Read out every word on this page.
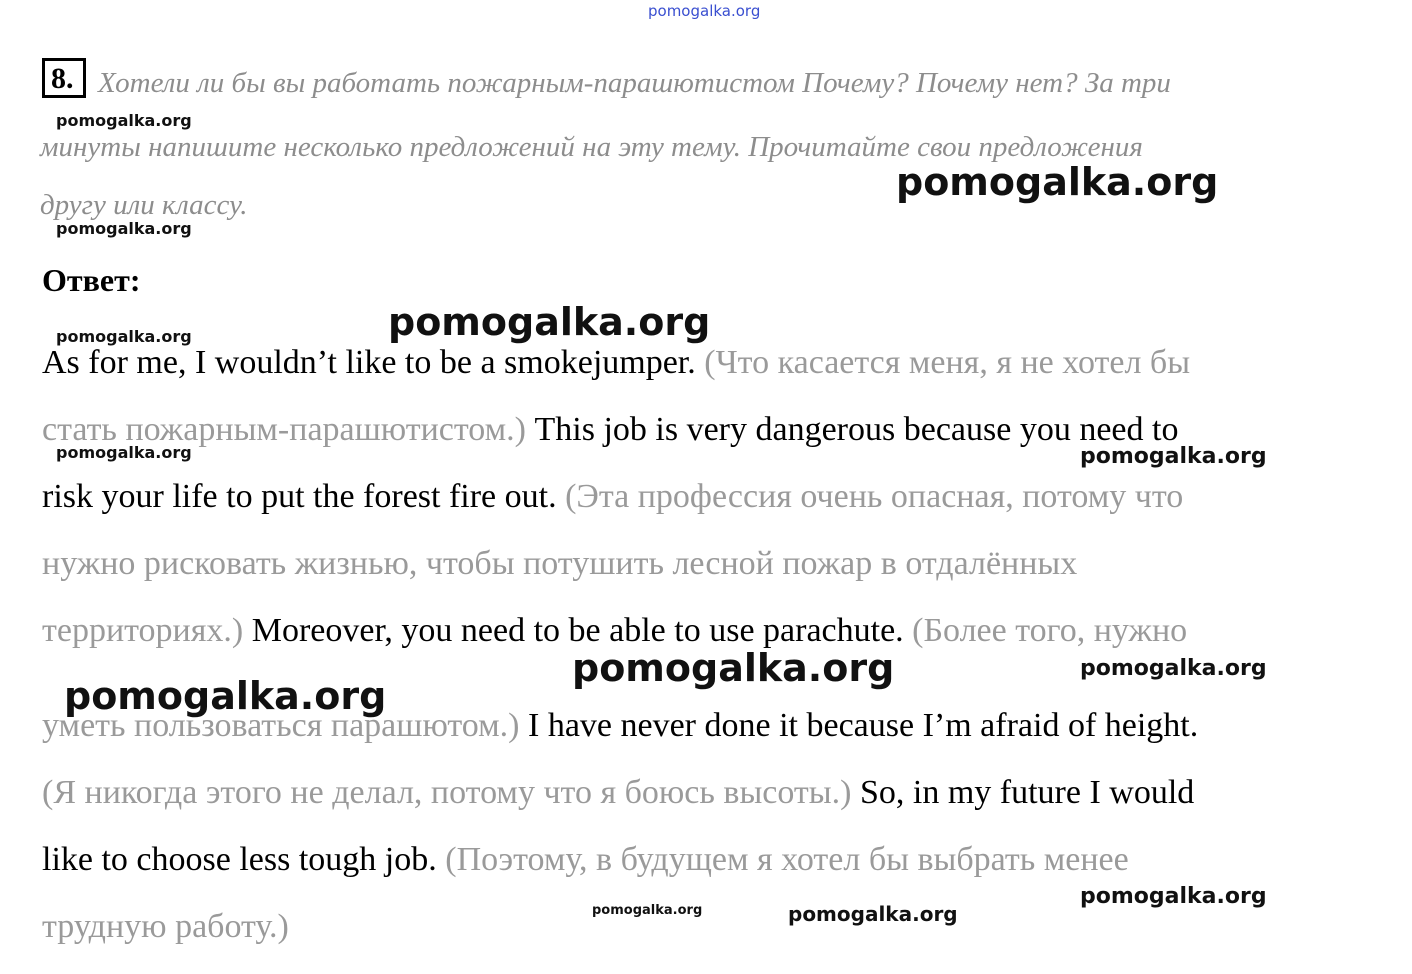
pomogalka.org
pomogalka.org
pomogalka.org
pomogalka.org
pomogalka.org
pomogalka.org
pomogalka.org
pomogalka.org
pomogalka.org	pomogalka.org
pomogalka.org
pomogalka.org
pomogalka.org	pomogalka.org
8. Хотели ли бы вы работать пожарным-парашютистом Почему? Почему нет? За три
минуты напишите несколько предложений на эту тему. Прочитайте свои предложения
другу или классу.
Ответ:
As for me, I wouldn’t like to be a smokejumper. (Что касается меня, я не хотел бы
стать пожарным-парашютистом.) This job is very dangerous because you need to
risk your life to put the forest fire out. (Эта профессия очень опасная, потому что
нужно рисковать жизнью, чтобы потушить лесной пожар в отдалённых
территориях.) Moreover, you need to be able to use parachute. (Более того, нужно
уметь пользоваться парашютом.) I have never done it because I’m afraid of height.
(Я никогда этого не делал, потому что я боюсь высоты.) So, in my future I would
like to choose less tough job. (Поэтому, в будущем я хотел бы выбрать менее
трудную работу.)
